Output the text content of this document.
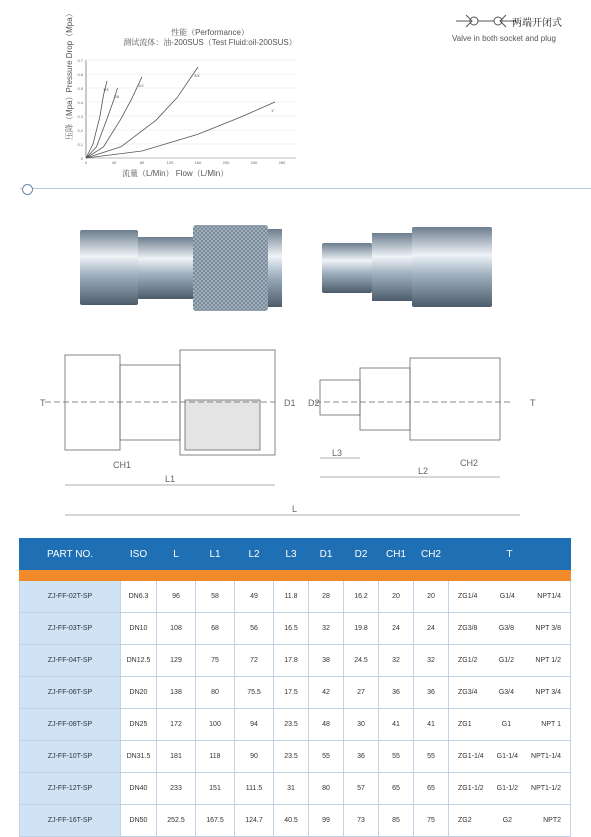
性能（Performance）
测试流体：油-200SUS（Test Fluid:oil-200SUS）
压降（Mpa）Pressure Drop（Mpa）
流量（L/Min） Flow（L/Min）
0
0.1
0.2
0.3
0.4
0.5
0.6
0.7
0	40	80	120	160	200	240	280
1/4
3/8
1/2
3/4
1"
两端开闭式
Valve in both socket and plug
T
CH1
L1
D1 D2
L3
L2
CH2
T
L
PART NO.	ISO	L	L1	L2	L3	D1	D2	CH1	CH2	T

ZJ-FF-02T-SP	DN6.3	96	58	49	11.8	28	16.2	20	20	ZG1/4 G1/4 NPT1/4

ZJ-FF-03T-SP	DN10	108	68	56	16.5	32	19.8	24	24	ZG3/8 G3/8 NPT 3/8

ZJ-FF-04T-SP	DN12.5	129	75	72	17.8	38	24.5	32	32	ZG1/2 G1/2 NPT 1/2

ZJ-FF-06T-SP	DN20	138	80	75.5	17.5	42	27	36	36	ZG3/4 G3/4 NPT 3/4

ZJ-FF-08T-SP	DN25	172	100	94	23.5	48	30	41	41	ZG1 G1 NPT 1

ZJ-FF-10T-SP	DN31.5	181	118	90	23.5	55	36	55	55	ZG1-1/4 G1-1/4 NPT1-1/4

ZJ-FF-12T-SP	DN40	233	151	111.5	31	80	57	65	65	ZG1-1/2 G1-1/2 NPT1-1/2

ZJ-FF-16T-SP	DN50	252.5	167.5	124.7	40.5	99	73	85	75	ZG2 G2 NPT2
